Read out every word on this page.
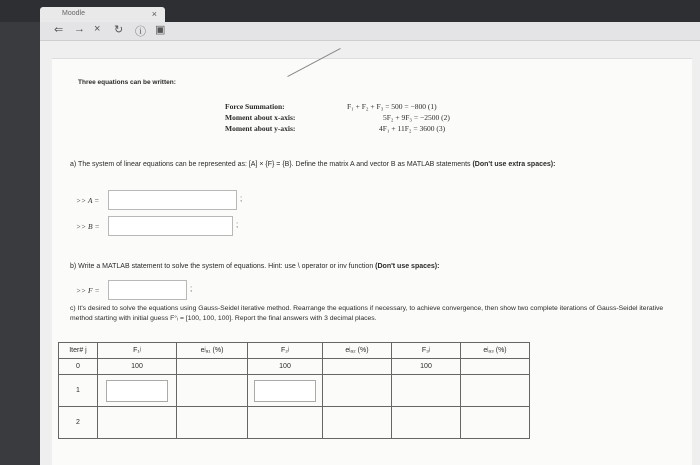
Moodle	×
⇐ → × ↻ ⓘ ▣
Three equations can be written:
Force Summation:	F₁ + F₂ + F₃ = 500 = −800 (1)
Moment about x-axis:	5F₂ + 9F₃ = −2500 (2)
Moment about y-axis:	4F₁ + 11F₂ = 3600 (3)
a) The system of linear equations can be represented as: [A] × {F} = {B}. Define the matrix A and vector B as MATLAB statements (Don't use extra spaces):
>> A =	;
>> B =	;
b) Write a MATLAB statement to solve the system of equations. Hint: use \ operator or inv function (Don't use spaces):
>> F =	;
c) It's desired to solve the equations using Gauss-Seidel iterative method. Rearrange the equations if necessary, to achieve convergence, then show two complete iterations of Gauss-Seidel iterative method starting with initial guess F°ᵢ = [100, 100, 100]. Report the final answers with 3 decimal places.
Iter# j	F₁ʲ	eʲₐ₁ (%)	F₂ʲ	eʲₐ₂ (%)	F₃ʲ	eʲₐ₃ (%)
0	100		100		100	
1						
2						
